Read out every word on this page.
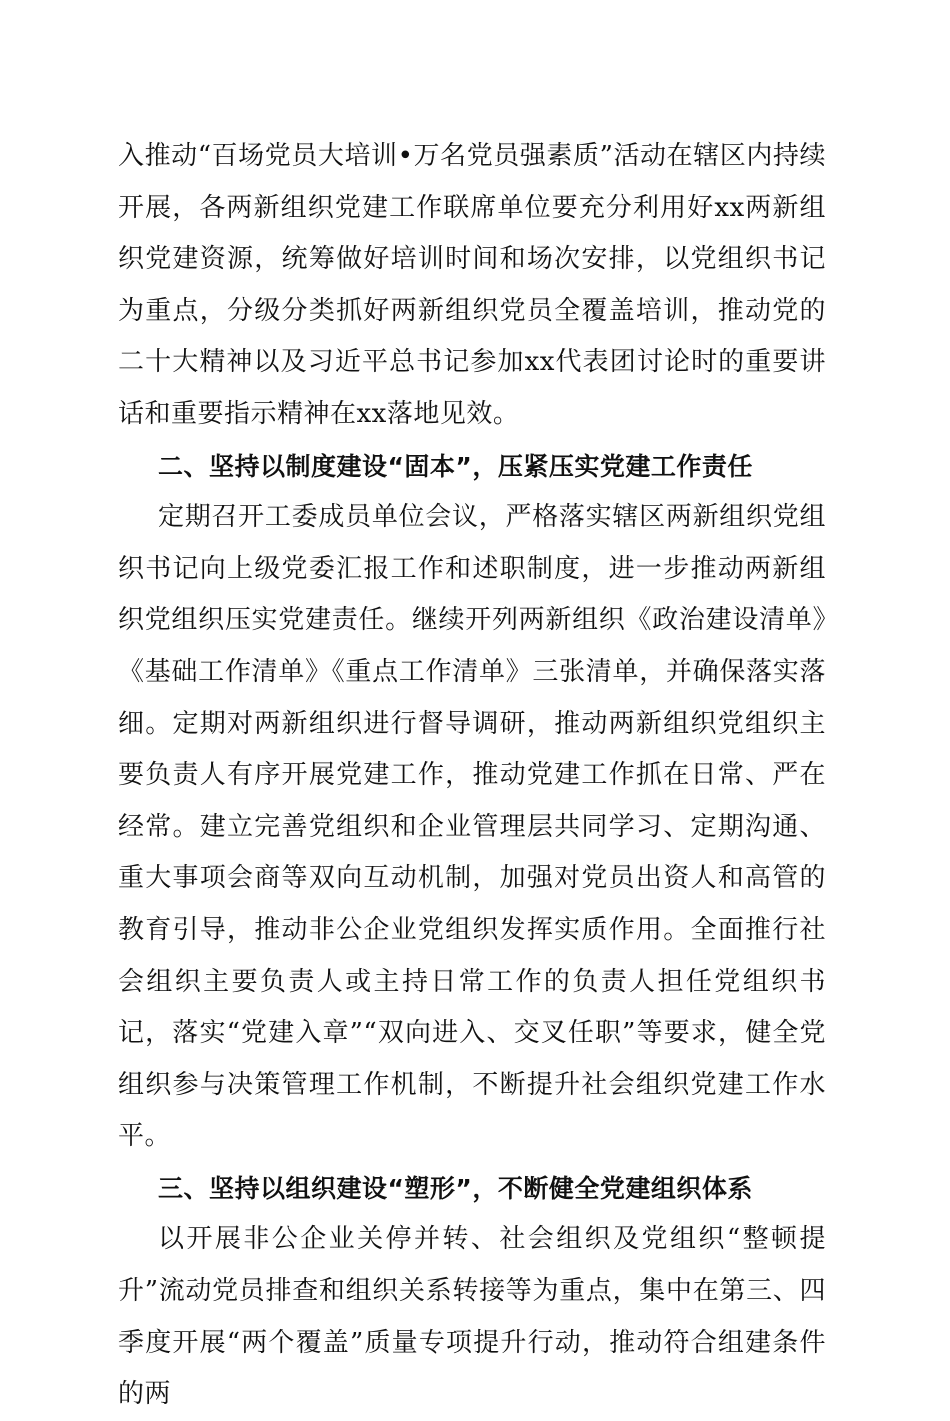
入推动“百场党员大培训•万名党员强素质”活动在辖区内持续开展，各两新组织党建工作联席单位要充分利用好xx两新组织党建资源，统筹做好培训时间和场次安排，以党组织书记为重点，分级分类抓好两新组织党员全覆盖培训，推动党的二十大精神以及习近平总书记参加xx代表团讨论时的重要讲话和重要指示精神在xx落地见效。

二、坚持以制度建设“固本”，压紧压实党建工作责任

定期召开工委成员单位会议，严格落实辖区两新组织党组织书记向上级党委汇报工作和述职制度，进一步推动两新组织党组织压实党建责任。继续开列两新组织《政治建设清单》《基础工作清单》《重点工作清单》三张清单，并确保落实落细。定期对两新组织进行督导调研，推动两新组织党组织主要负责人有序开展党建工作，推动党建工作抓在日常、严在经常。建立完善党组织和企业管理层共同学习、定期沟通、重大事项会商等双向互动机制，加强对党员出资人和高管的教育引导，推动非公企业党组织发挥实质作用。全面推行社会组织主要负责人或主持日常工作的负责人担任党组织书记，落实“党建入章”“双向进入、交叉任职”等要求，健全党组织参与决策管理工作机制，不断提升社会组织党建工作水平。

三、坚持以组织建设“塑形”，不断健全党建组织体系

以开展非公企业关停并转、社会组织及党组织“整顿提升”流动党员排查和组织关系转接等为重点，集中在第三、四季度开展“两个覆盖”质量专项提升行动，推动符合组建条件的两
